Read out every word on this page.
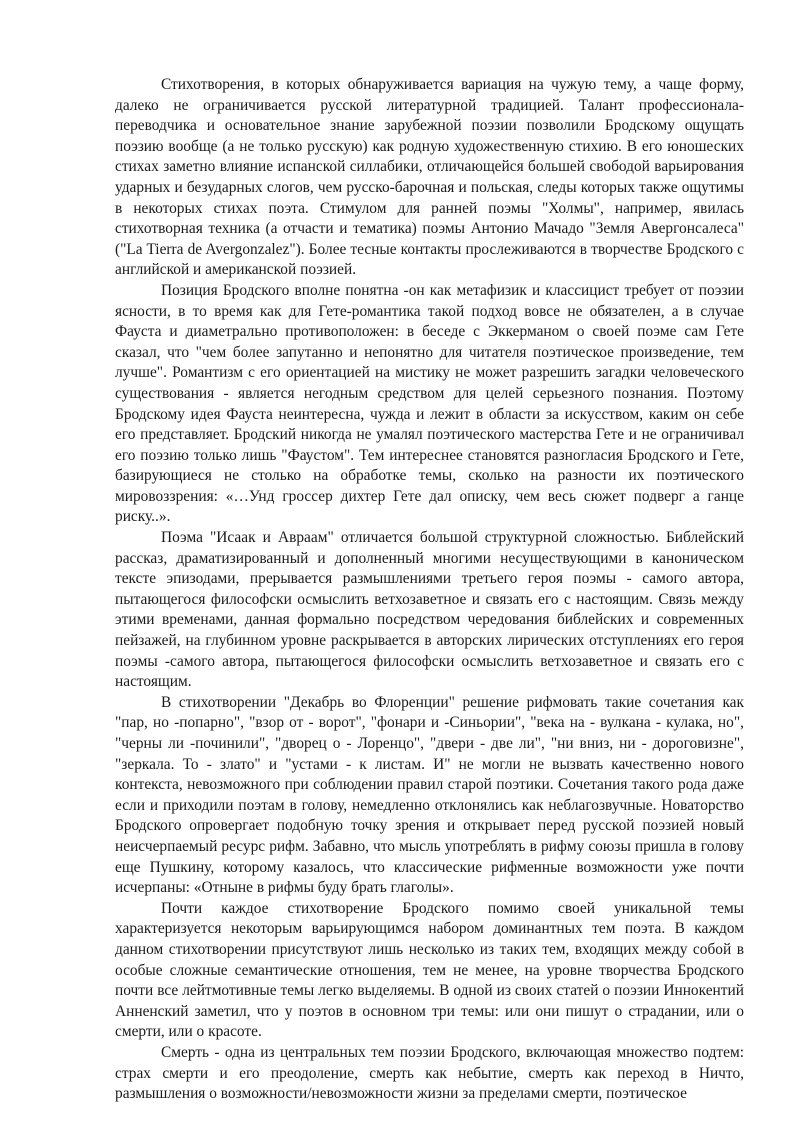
Стихотворения, в которых обнаруживается вариация на чужую тему, а чаще форму, далеко не ограничивается русской литературной традицией. Талант профессионала-переводчика и основательное знание зарубежной поэзии позволили Бродскому ощущать поэзию вообще (а не только русскую) как родную художественную стихию. В его юношеских стихах заметно влияние испанской силлабики, отличающейся большей свободой варьирования ударных и безударных слогов, чем русско-барочная и польская, следы которых также ощутимы в некоторых стихах поэта. Стимулом для ранней поэмы "Холмы", например, явилась стихотворная техника (а отчасти и тематика) поэмы Антонио Мачадо "Земля Авергонсалеса" ("La Tierra de Avergonzalez"). Более тесные контакты прослеживаются в творчестве Бродского с английской и американской поэзией.

Позиция Бродского вполне понятна -он как метафизик и классицист требует от поэзии ясности, в то время как для Гете-романтика такой подход вовсе не обязателен, а в случае Фауста и диаметрально противоположен: в беседе с Эккерманом о своей поэме сам Гете сказал, что "чем более запутанно и непонятно для читателя поэтическое произведение, тем лучше". Романтизм с его ориентацией на мистику не может разрешить загадки человеческого существования - является негодным средством для целей серьезного познания. Поэтому Бродскому идея Фауста неинтересна, чужда и лежит в области за искусством, каким он себе его представляет. Бродский никогда не умалял поэтического мастерства Гете и не ограничивал его поэзию только лишь "Фаустом". Тем интереснее становятся разногласия Бродского и Гете, базирующиеся не столько на обработке темы, сколько на разности их поэтического мировоззрения: «…Унд гроссер дихтер Гете дал описку, чем весь сюжет подверг а ганце риску..».

Поэма "Исаак и Авраам" отличается большой структурной сложностью. Библейский рассказ, драматизированный и дополненный многими несуществующими в каноническом тексте эпизодами, прерывается размышлениями третьего героя поэмы - самого автора, пытающегося философски осмыслить ветхозаветное и связать его с настоящим. Связь между этими временами, данная формально посредством чередования библейских и современных пейзажей, на глубинном уровне раскрывается в авторских лирических отступлениях его героя поэмы -самого автора, пытающегося философски осмыслить ветхозаветное и связать его с настоящим.

В стихотворении "Декабрь во Флоренции" решение рифмовать такие сочетания как "пар, но -попарно", "взор от - ворот", "фонари и -Синьории", "века на - вулкана - кулака, но", "черны ли -починили", "дворец о - Лоренцо", "двери - две ли", "ни вниз, ни - дороговизне", "зеркала. То - злато" и "устами - к листам. И" не могли не вызвать качественно нового контекста, невозможного при соблюдении правил старой поэтики. Сочетания такого рода даже если и приходили поэтам в голову, немедленно отклонялись как неблагозвучные. Новаторство Бродского опровергает подобную точку зрения и открывает перед русской поэзией новый неисчерпаемый ресурс рифм. Забавно, что мысль употреблять в рифму союзы пришла в голову еще Пушкину, которому казалось, что классические рифменные возможности уже почти исчерпаны: «Отныне в рифмы буду брать глаголы».

Почти каждое стихотворение Бродского помимо своей уникальной темы характеризуется некоторым варьирующимся набором доминантных тем поэта. В каждом данном стихотворении присутствуют лишь несколько из таких тем, входящих между собой в особые сложные семантические отношения, тем не менее, на уровне творчества Бродского почти все лейтмотивные темы легко выделяемы. В одной из своих статей о поэзии Иннокентий Анненский заметил, что у поэтов в основном три темы: или они пишут о страдании, или о смерти, или о красоте.

Смерть - одна из центральных тем поэзии Бродского, включающая множество подтем: страх смерти и его преодоление, смерть как небытие, смерть как переход в Ничто, размышления о возможности/невозможности жизни за пределами смерти, поэтическое
